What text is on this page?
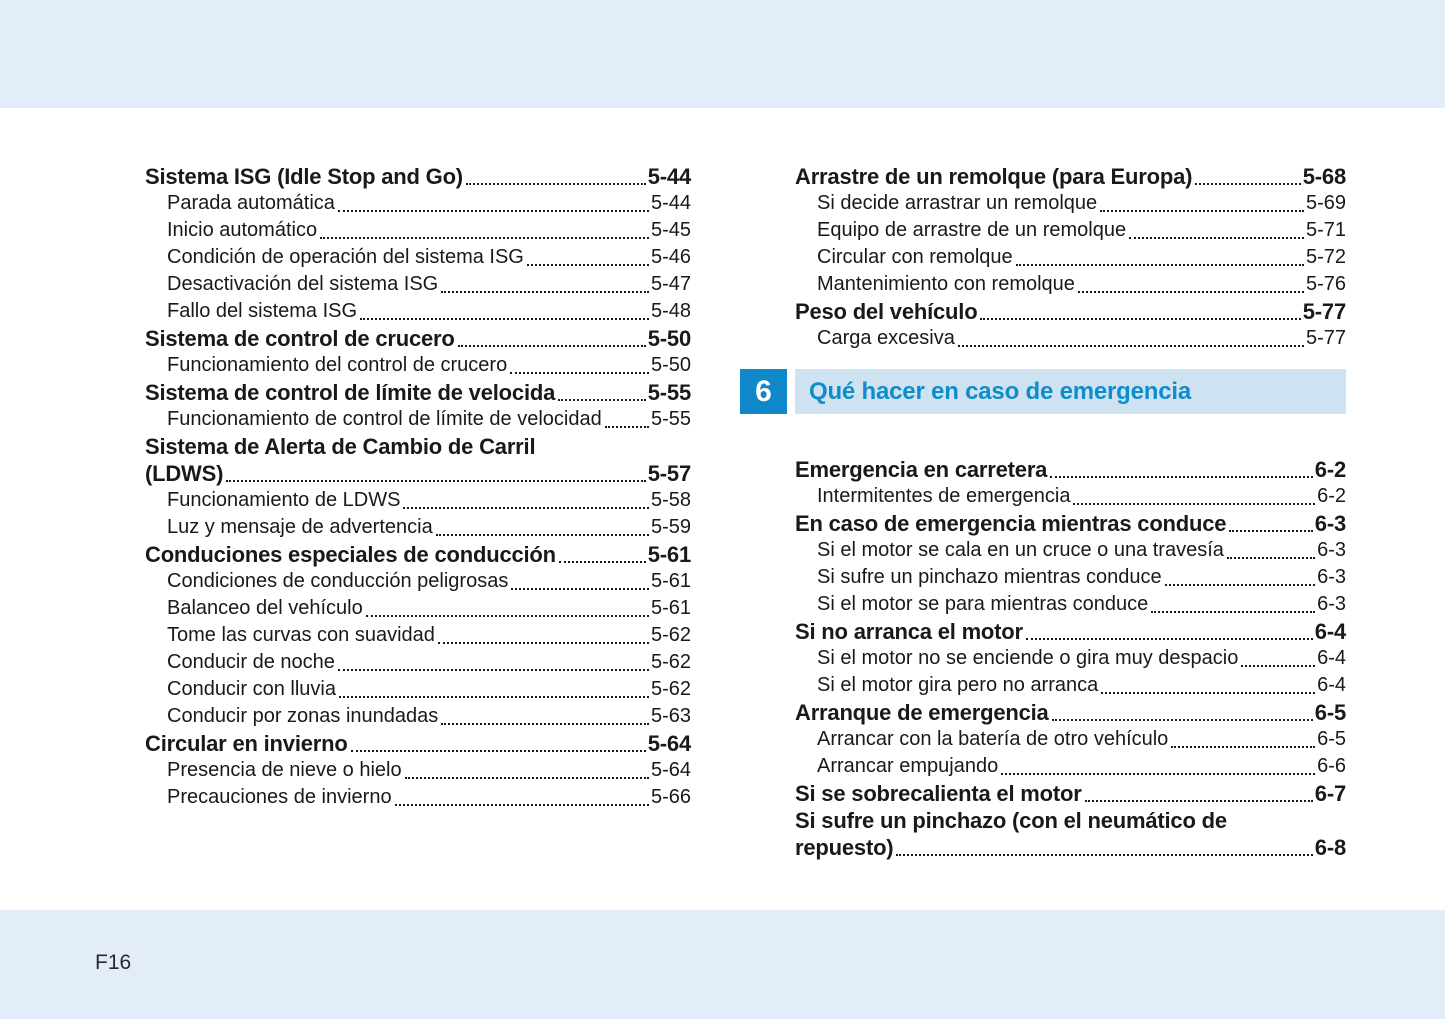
Sistema ISG (Idle Stop and Go)	5-44
Parada automática	5-44
Inicio automático	5-45
Condición de operación del sistema ISG	5-46
Desactivación del sistema ISG	5-47
Fallo del sistema ISG	5-48
Sistema de control de crucero	5-50
Funcionamiento del control de crucero	5-50
Sistema de control de límite de velocida	5-55
Funcionamiento de control de límite de velocidad 5-55
Sistema de Alerta de Cambio de Carril
(LDWS)	5-57
Funcionamiento de LDWS	5-58
Luz y mensaje de advertencia	5-59
Conduciones especiales de conducción	5-61
Condiciones de conducción peligrosas	5-61
Balanceo del vehículo	5-61
Tome las curvas con suavidad	5-62
Conducir de noche	5-62
Conducir con lluvia	5-62
Conducir por zonas inundadas	5-63
Circular en invierno	5-64
Presencia de nieve o hielo	5-64
Precauciones de invierno	5-66
Arrastre de un remolque (para Europa)	5-68
Si decide arrastrar un remolque	5-69
Equipo de arrastre de un remolque	5-71
Circular con remolque	5-72
Mantenimiento con remolque	5-76
Peso del vehículo	5-77
Carga excesiva	5-77
6 Qué hacer en caso de emergencia
Emergencia en carretera	6-2
Intermitentes de emergencia	6-2
En caso de emergencia mientras conduce	6-3
Si el motor se cala en un cruce o una travesía	6-3
Si sufre un pinchazo mientras conduce	6-3
Si el motor se para mientras conduce	6-3
Si no arranca el motor	6-4
Si el motor no se enciende o gira muy despacio	6-4
Si el motor gira pero no arranca	6-4
Arranque de emergencia	6-5
Arrancar con la batería de otro vehículo	6-5
Arrancar empujando	6-6
Si se sobrecalienta el motor	6-7
Si sufre un pinchazo (con el neumático de
repuesto)	6-8
F16
